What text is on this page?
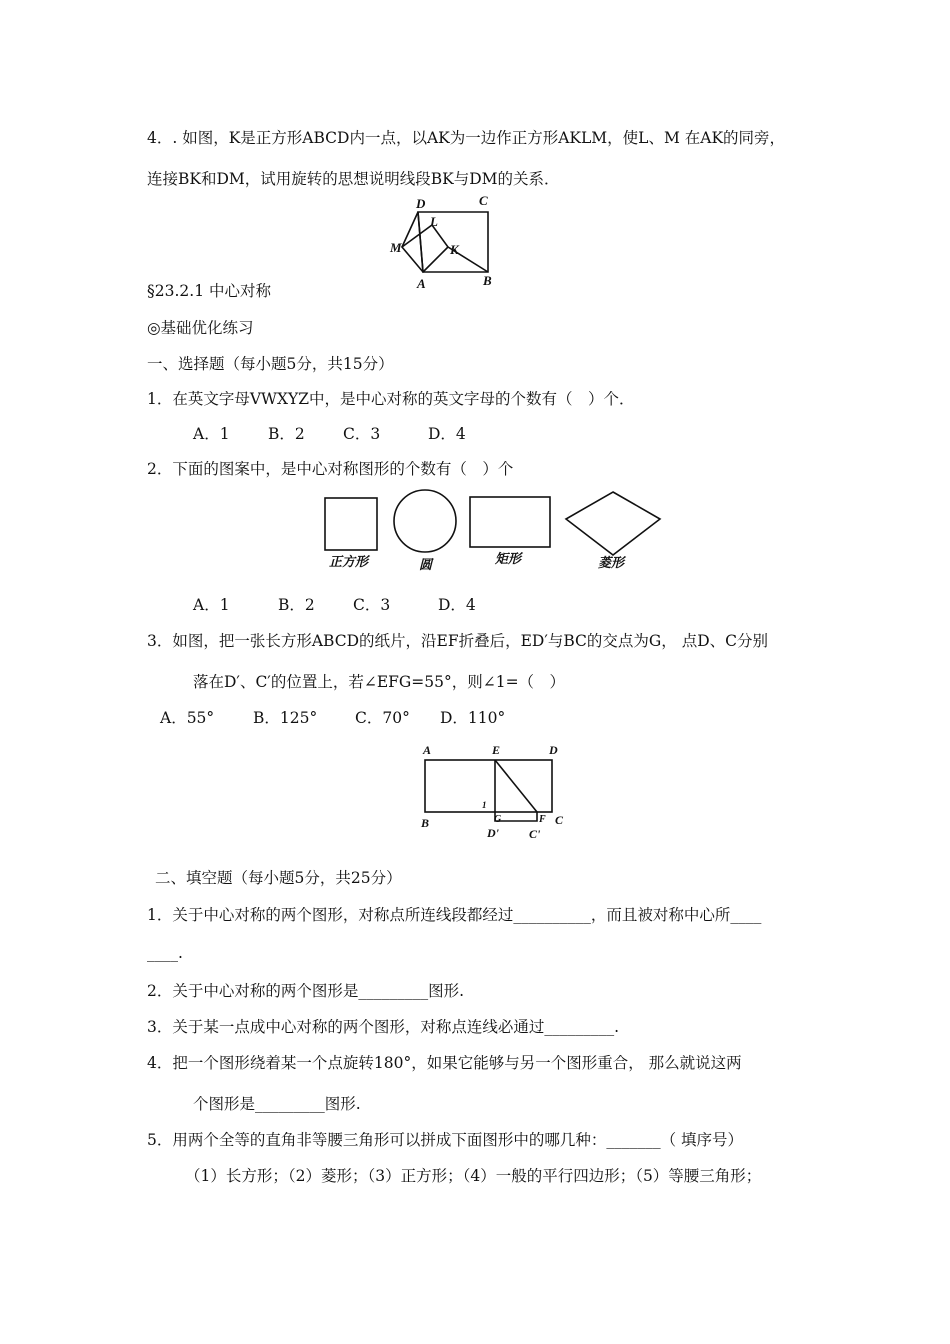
4．. 如图，K是正方形ABCD内一点，以AK为一边作正方形AKLM，使L、M 在AK的同旁，
连接BK和DM，试用旋转的思想说明线段BK与DM的关系．
D	C
L
M	K
A	B
§23.2.1 中心对称
◎基础优化练习
一、选择题（每小题5分，共15分）
1．在英文字母VWXYZ中，是中心对称的英文字母的个数有（　）个．
A．1 B．2 C．3	D．4
2．下面的图案中，是中心对称图形的个数有（　）个
正方形	圆	矩形	菱形
A．1	B．2 C．3	D．4
3．如图，把一张长方形ABCD的纸片，沿EF折叠后，ED′与BC的交点为G， 点D、C分别
落在D′、C′的位置上，若∠EFG=55°，则∠1=（　）
A．55°	B．125° C．70° D．110°
A	E	D
1
B	G	F C
D'	C'
二、填空题（每小题5分，共25分）
1．关于中心对称的两个图形，对称点所连线段都经过__________，而且被对称中心所____
____.
2．关于中心对称的两个图形是_________图形.
3．关于某一点成中心对称的两个图形，对称点连线必通过_________.
4．把一个图形绕着某一个点旋转180°，如果它能够与另一个图形重合， 那么就说这两
个图形是_________图形.
5．用两个全等的直角非等腰三角形可以拼成下面图形中的哪几种：_______（ 填序号）
（1）长方形；（2）菱形；（3）正方形；（4）一般的平行四边形；（5）等腰三角形；
